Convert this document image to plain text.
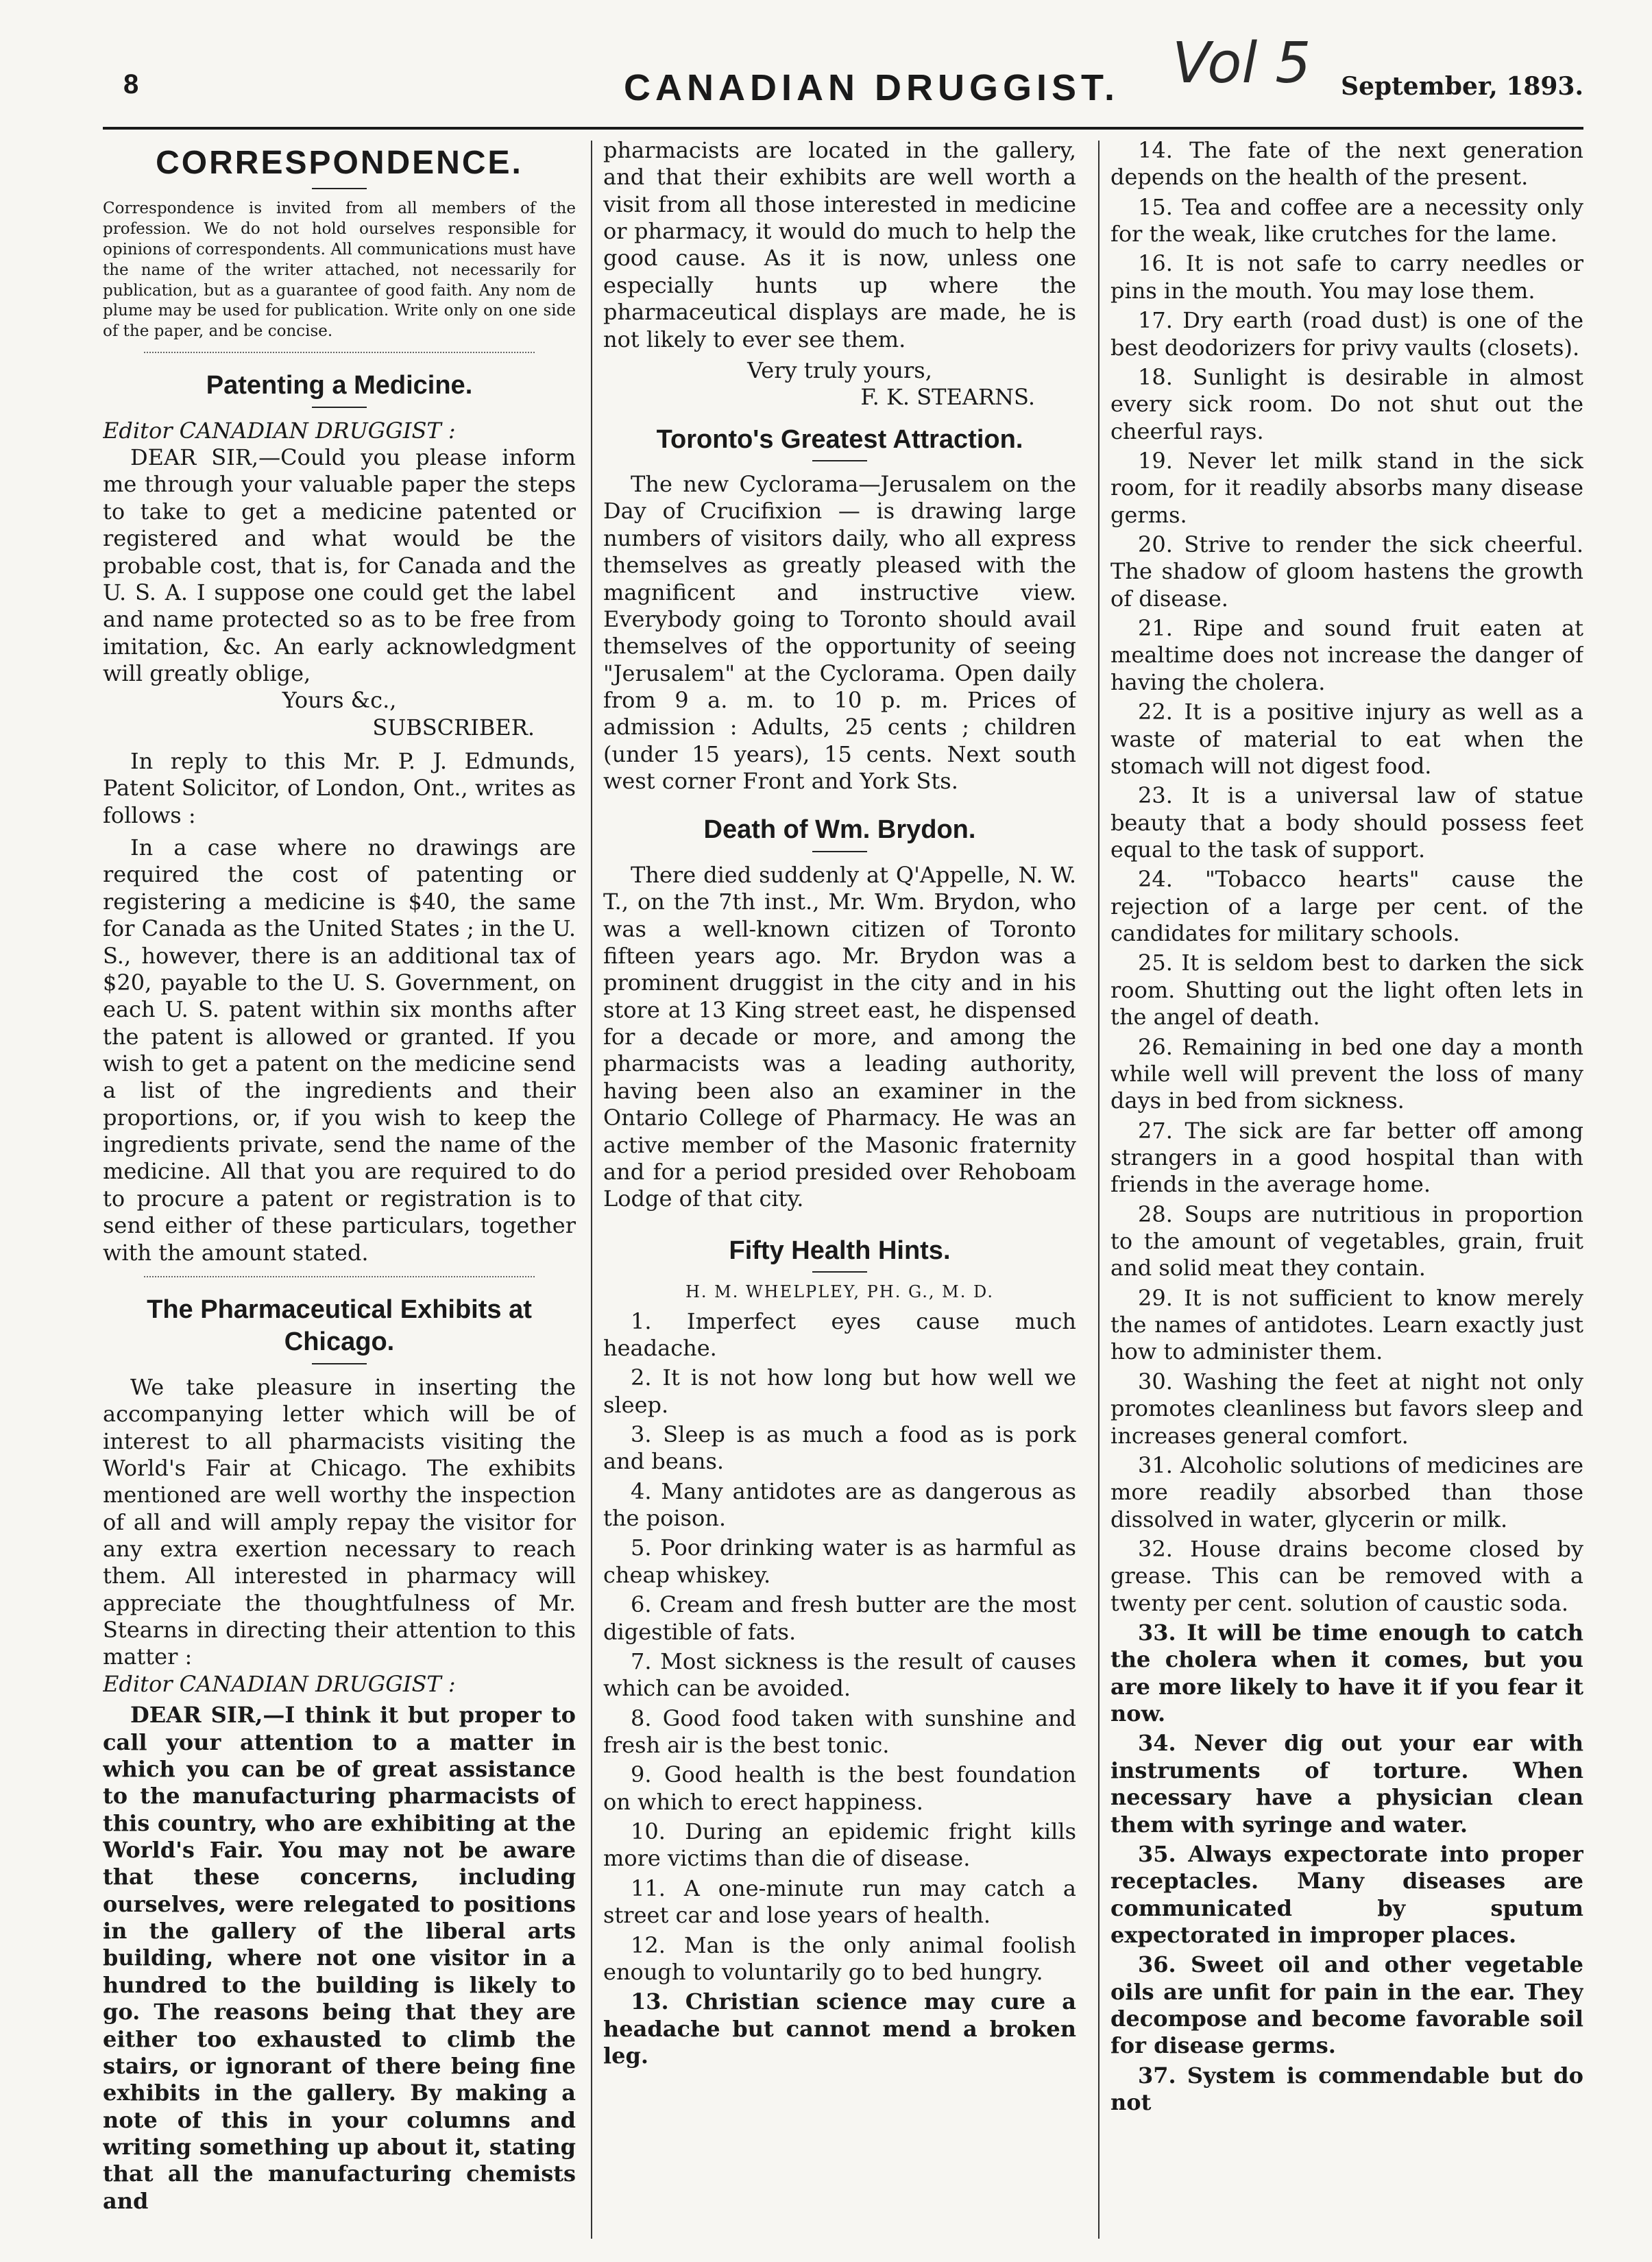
8	CANADIAN DRUGGIST. Vol 5 September, 1893.
CORRESPONDENCE.

Correspondence is invited from all members of the profession. We do not hold ourselves responsible for opinions of correspondents. All communications must have the name of the writer attached, not necessarily for publication, but as a guarantee of good faith. Any nom de plume may be used for publication. Write only on one side of the paper, and be concise.

Patenting a Medicine.

Editor CANADIAN DRUGGIST :

DEAR SIR,—Could you please inform me through your valuable paper the steps to take to get a medicine patented or registered and what would be the probable cost, that is, for Canada and the U. S. A. I suppose one could get the label and name protected so as to be free from imitation, &c. An early acknowledgment will greatly oblige,

Yours &c.,

SUBSCRIBER.

In reply to this Mr. P. J. Edmunds, Patent Solicitor, of London, Ont., writes as follows :

In a case where no drawings are required the cost of patenting or registering a medicine is $40, the same for Canada as the United States ; in the U. S., however, there is an additional tax of $20, payable to the U. S. Government, on each U. S. patent within six months after the patent is allowed or granted. If you wish to get a patent on the medicine send a list of the ingredients and their proportions, or, if you wish to keep the ingredients private, send the name of the medicine. All that you are required to do to procure a patent or registration is to send either of these particulars, together with the amount stated.

The Pharmaceutical Exhibits at Chicago.

We take pleasure in inserting the accompanying letter which will be of interest to all pharmacists visiting the World's Fair at Chicago. The exhibits mentioned are well worthy the inspection of all and will amply repay the visitor for any extra exertion necessary to reach them. All interested in pharmacy will appreciate the thoughtfulness of Mr. Stearns in directing their attention to this matter :

Editor CANADIAN DRUGGIST :

DEAR SIR,—I think it but proper to call your attention to a matter in which you can be of great assistance to the manufacturing pharmacists of this country, who are exhibiting at the World's Fair. You may not be aware that these concerns, including ourselves, were relegated to positions in the gallery of the liberal arts building, where not one visitor in a hundred to the building is likely to go. The reasons being that they are either too exhausted to climb the stairs, or ignorant of there being fine exhibits in the gallery. By making a note of this in your columns and writing something up about it, stating that all the manufacturing chemists and

pharmacists are located in the gallery, and that their exhibits are well worth a visit from all those interested in medicine or pharmacy, it would do much to help the good cause. As it is now, unless one especially hunts up where the pharmaceutical displays are made, he is not likely to ever see them.

Very truly yours,

F. K. STEARNS.

Toronto's Greatest Attraction.

The new Cyclorama—Jerusalem on the Day of Crucifixion — is drawing large numbers of visitors daily, who all express themselves as greatly pleased with the magnificent and instructive view. Everybody going to Toronto should avail themselves of the opportunity of seeing "Jerusalem" at the Cyclorama. Open daily from 9 a. m. to 10 p. m. Prices of admission : Adults, 25 cents ; children (under 15 years), 15 cents. Next south west corner Front and York Sts.

Death of Wm. Brydon.

There died suddenly at Q'Appelle, N. W. T., on the 7th inst., Mr. Wm. Brydon, who was a well-known citizen of Toronto fifteen years ago. Mr. Brydon was a prominent druggist in the city and in his store at 13 King street east, he dispensed for a decade or more, and among the pharmacists was a leading authority, having been also an examiner in the Ontario College of Pharmacy. He was an active member of the Masonic fraternity and for a period presided over Rehoboam Lodge of that city.

Fifty Health Hints.
H. M. WHELPLEY, PH. G., M. D.

1. Imperfect eyes cause much headache.

2. It is not how long but how well we sleep.

3. Sleep is as much a food as is pork and beans.

4. Many antidotes are as dangerous as the poison.

5. Poor drinking water is as harmful as cheap whiskey.

6. Cream and fresh butter are the most digestible of fats.

7. Most sickness is the result of causes which can be avoided.

8. Good food taken with sunshine and fresh air is the best tonic.

9. Good health is the best foundation on which to erect happiness.

10. During an epidemic fright kills more victims than die of disease.

11. A one-minute run may catch a street car and lose years of health.

12. Man is the only animal foolish enough to voluntarily go to bed hungry.

13. Christian science may cure a headache but cannot mend a broken leg.

14. The fate of the next generation depends on the health of the present.

15. Tea and coffee are a necessity only for the weak, like crutches for the lame.

16. It is not safe to carry needles or pins in the mouth. You may lose them.

17. Dry earth (road dust) is one of the best deodorizers for privy vaults (closets).

18. Sunlight is desirable in almost every sick room. Do not shut out the cheerful rays.

19. Never let milk stand in the sick room, for it readily absorbs many disease germs.

20. Strive to render the sick cheerful. The shadow of gloom hastens the growth of disease.

21. Ripe and sound fruit eaten at mealtime does not increase the danger of having the cholera.

22. It is a positive injury as well as a waste of material to eat when the stomach will not digest food.

23. It is a universal law of statue beauty that a body should possess feet equal to the task of support.

24. "Tobacco hearts" cause the rejection of a large per cent. of the candidates for military schools.

25. It is seldom best to darken the sick room. Shutting out the light often lets in the angel of death.

26. Remaining in bed one day a month while well will prevent the loss of many days in bed from sickness.

27. The sick are far better off among strangers in a good hospital than with friends in the average home.

28. Soups are nutritious in proportion to the amount of vegetables, grain, fruit and solid meat they contain.

29. It is not sufficient to know merely the names of antidotes. Learn exactly just how to administer them.

30. Washing the feet at night not only promotes cleanliness but favors sleep and increases general comfort.

31. Alcoholic solutions of medicines are more readily absorbed than those dissolved in water, glycerin or milk.

32. House drains become closed by grease. This can be removed with a twenty per cent. solution of caustic soda.

33. It will be time enough to catch the cholera when it comes, but you are more likely to have it if you fear it now.

34. Never dig out your ear with instruments of torture. When necessary have a physician clean them with syringe and water.

35. Always expectorate into proper receptacles. Many diseases are communicated by sputum expectorated in improper places.

36. Sweet oil and other vegetable oils are unfit for pain in the ear. They decompose and become favorable soil for disease germs.

37. System is commendable but do not
